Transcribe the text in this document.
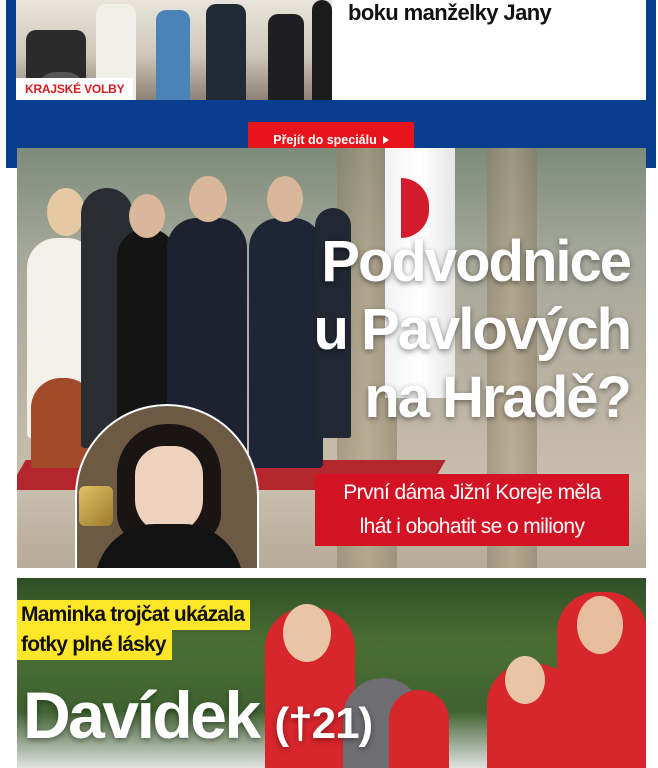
boku manželky Jany
KRAJSKÉ VOLBY
Přejít do speciálu
Podvodnice
u Pavlových
na Hradě?
První dáma Jižní Koreje měla
lhát i obohatit se o miliony
Maminka trojčat ukázala
fotky plné lásky
Davídek (†21)
